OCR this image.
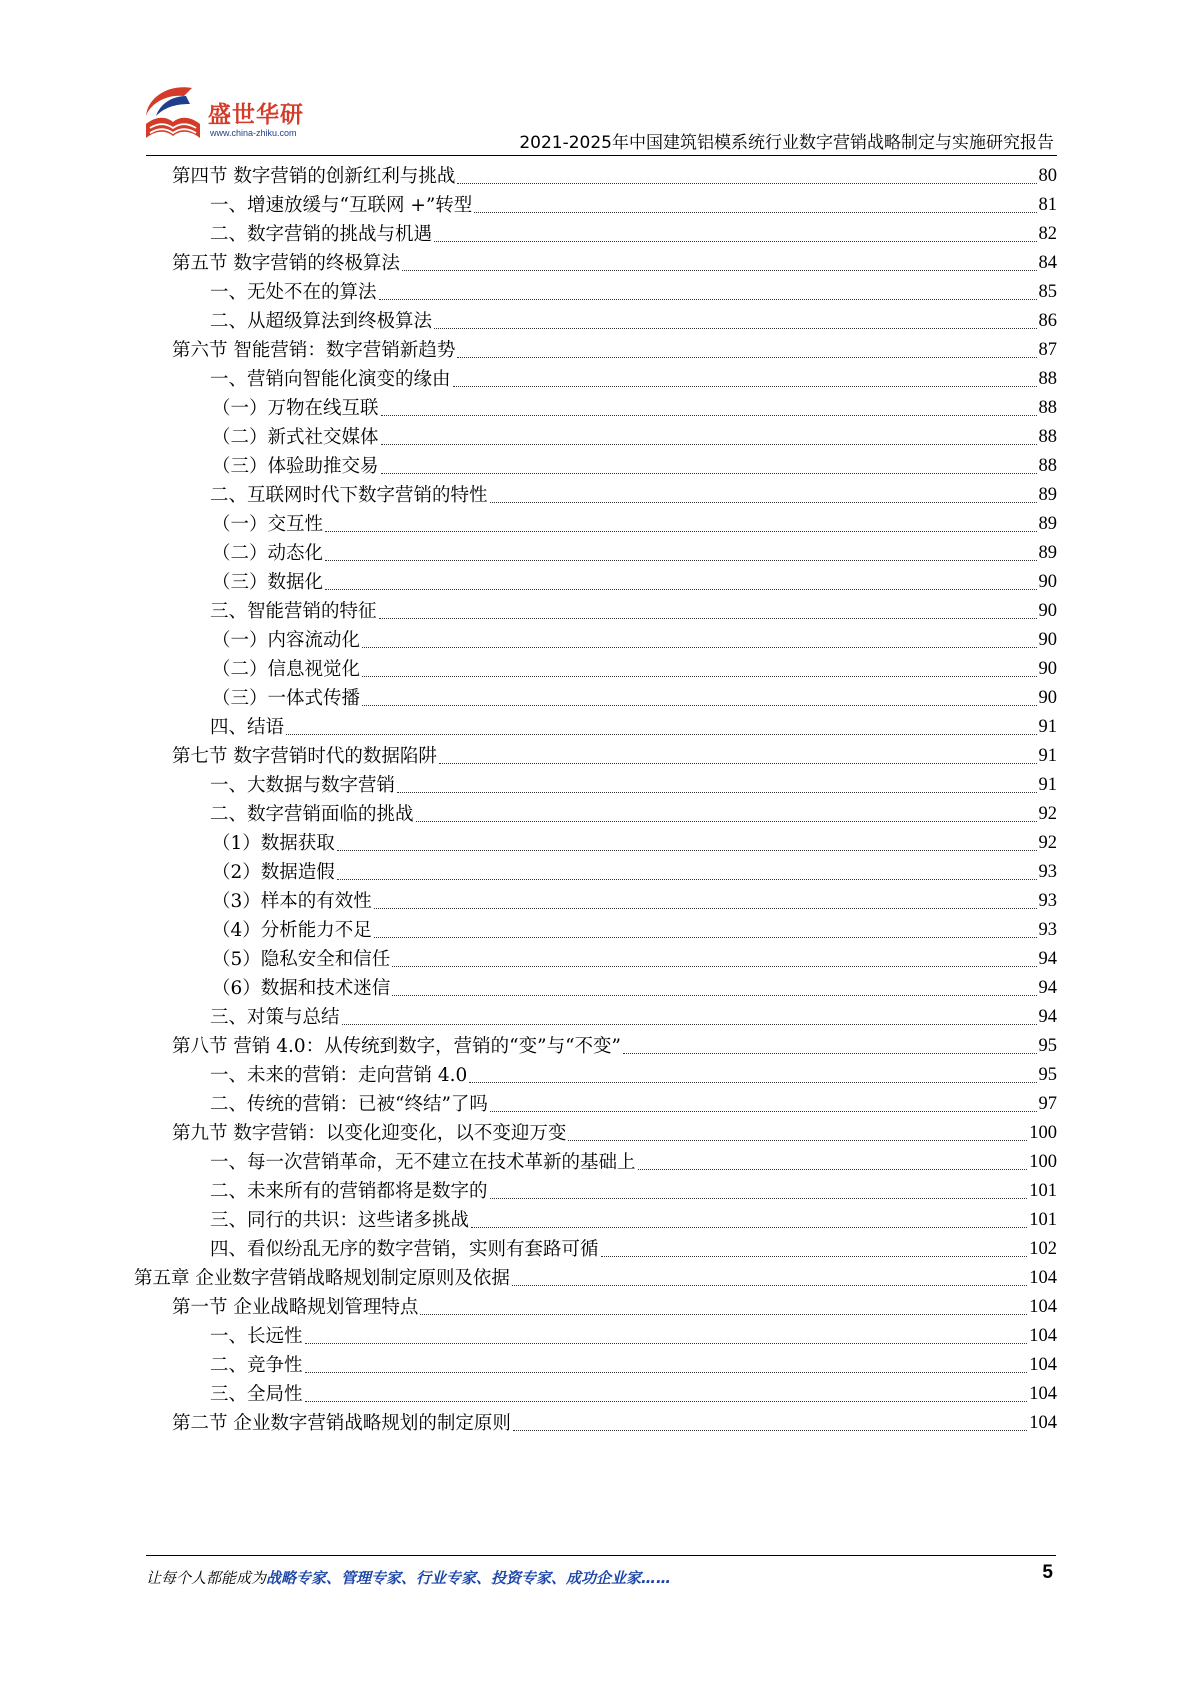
盛世华研
www.china-zhiku.com	2021-2025年中国建筑铝模系统行业数字营销战略制定与实施研究报告
第四节 数字营销的创新红利与挑战	80
一、增速放缓与“互联网 +”转型	81
二、数字营销的挑战与机遇	82
第五节 数字营销的终极算法	84
一、无处不在的算法	85
二、从超级算法到终极算法	86
第六节 智能营销：数字营销新趋势	87
一、营销向智能化演变的缘由	88
（一）万物在线互联	88
（二）新式社交媒体	88
（三）体验助推交易	88
二、互联网时代下数字营销的特性	89
（一）交互性	89
（二）动态化	89
（三）数据化	90
三、智能营销的特征	90
（一）内容流动化	90
（二）信息视觉化	90
（三）一体式传播	90
四、结语	91
第七节 数字营销时代的数据陷阱	91
一、大数据与数字营销	91
二、数字营销面临的挑战	92
（1）数据获取	92
（2）数据造假	93
（3）样本的有效性	93
（4）分析能力不足	93
（5）隐私安全和信任	94
（6）数据和技术迷信	94
三、对策与总结	94
第八节 营销 4.0：从传统到数字，营销的“变”与“不变”	95
一、未来的营销：走向营销 4.0	95
二、传统的营销：已被“终结”了吗	97
第九节 数字营销：以变化迎变化，以不变迎万变	100
一、每一次营销革命，无不建立在技术革新的基础上	100
二、未来所有的营销都将是数字的	101
三、同行的共识：这些诸多挑战	101
四、看似纷乱无序的数字营销，实则有套路可循	102
第五章 企业数字营销战略规划制定原则及依据	104
第一节 企业战略规划管理特点	104
一、长远性	104
二、竞争性	104
三、全局性	104
第二节 企业数字营销战略规划的制定原则	104
让每个人都能成为战略专家、管理专家、行业专家、投资专家、成功企业家……	5
